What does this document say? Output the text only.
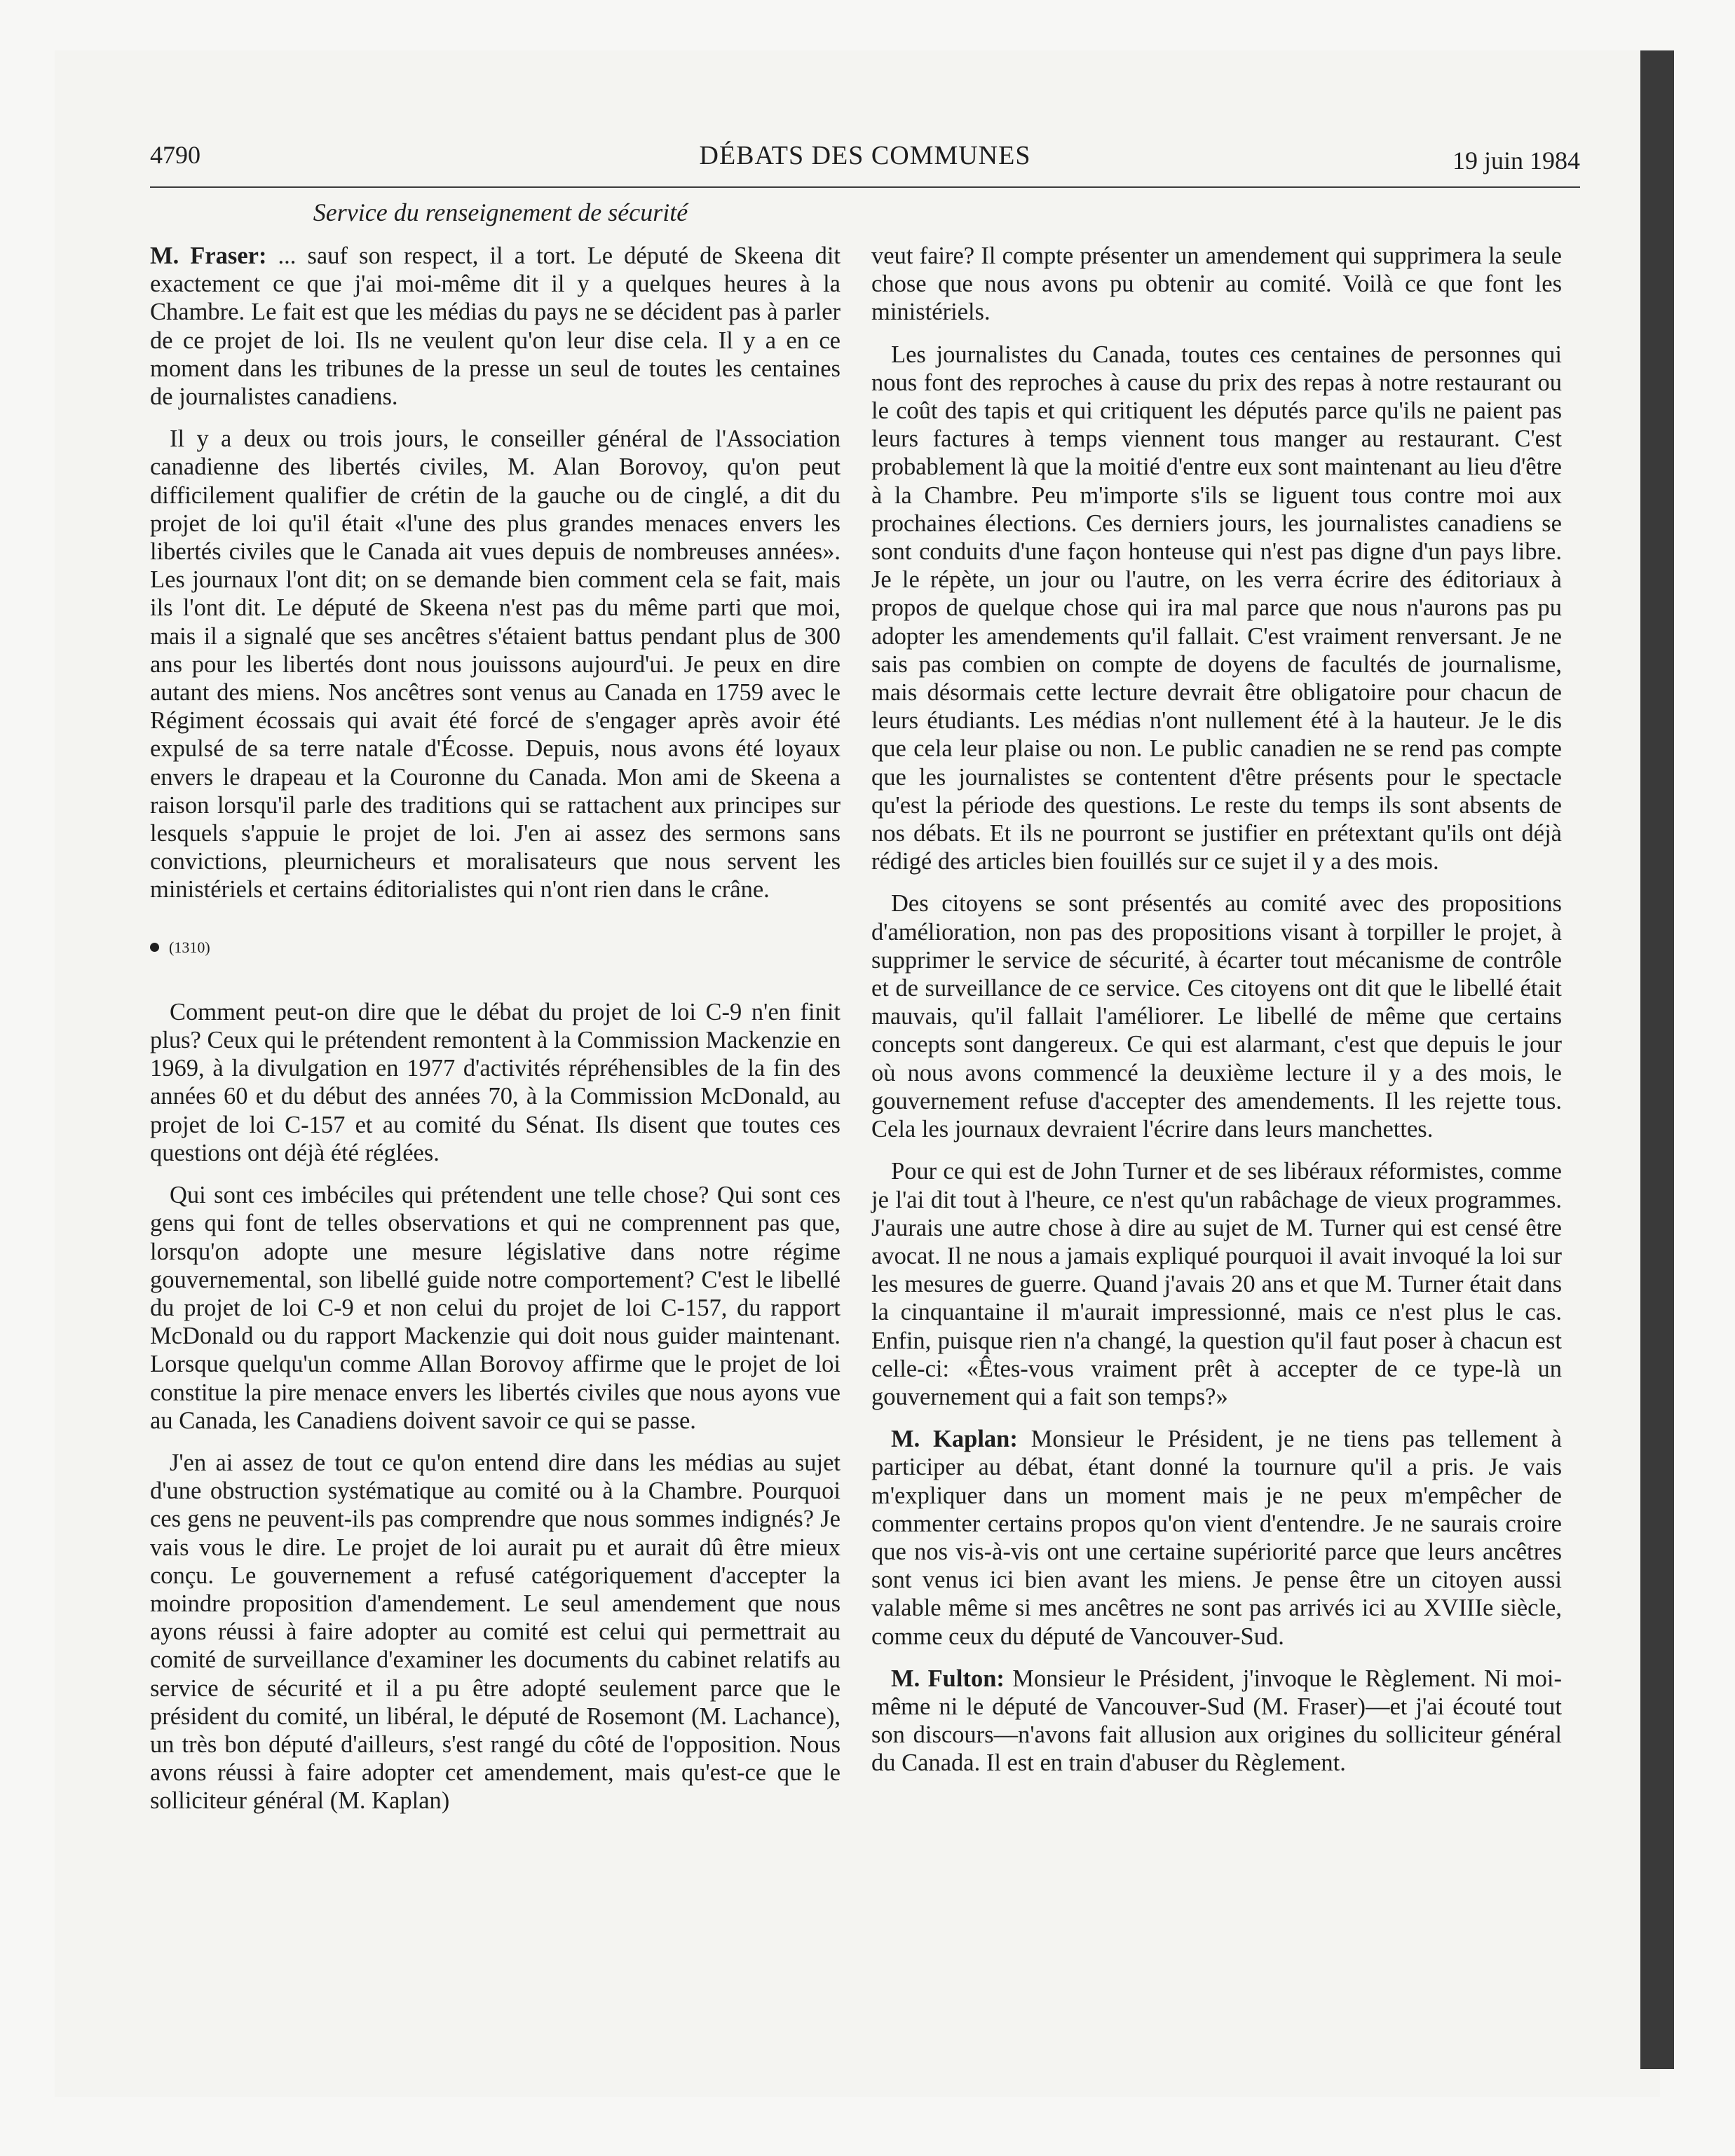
4790	DÉBATS DES COMMUNES	19 juin 1984
Service du renseignement de sécurité

M. Fraser: ... sauf son respect, il a tort. Le député de Skeena dit exactement ce que j'ai moi-même dit il y a quelques heures à la Chambre. Le fait est que les médias du pays ne se décident pas à parler de ce projet de loi. Ils ne veulent qu'on leur dise cela. Il y a en ce moment dans les tribunes de la presse un seul de toutes les centaines de journalistes canadiens.

Il y a deux ou trois jours, le conseiller général de l'Association canadienne des libertés civiles, M. Alan Borovoy, qu'on peut difficilement qualifier de crétin de la gauche ou de cinglé, a dit du projet de loi qu'il était «l'une des plus grandes menaces envers les libertés civiles que le Canada ait vues depuis de nombreuses années». Les journaux l'ont dit; on se demande bien comment cela se fait, mais ils l'ont dit. Le député de Skeena n'est pas du même parti que moi, mais il a signalé que ses ancêtres s'étaient battus pendant plus de 300 ans pour les libertés dont nous jouissons aujourd'ui. Je peux en dire autant des miens. Nos ancêtres sont venus au Canada en 1759 avec le Régiment écossais qui avait été forcé de s'engager après avoir été expulsé de sa terre natale d'Écosse. Depuis, nous avons été loyaux envers le drapeau et la Couronne du Canada. Mon ami de Skeena a raison lorsqu'il parle des traditions qui se rattachent aux principes sur lesquels s'appuie le projet de loi. J'en ai assez des sermons sans convictions, pleurnicheurs et moralisateurs que nous servent les ministériels et certains éditorialistes qui n'ont rien dans le crâne.

(1310)

Comment peut-on dire que le débat du projet de loi C-9 n'en finit plus? Ceux qui le prétendent remontent à la Commission Mackenzie en 1969, à la divulgation en 1977 d'activités répréhensibles de la fin des années 60 et du début des années 70, à la Commission McDonald, au projet de loi C-157 et au comité du Sénat. Ils disent que toutes ces questions ont déjà été réglées.

Qui sont ces imbéciles qui prétendent une telle chose? Qui sont ces gens qui font de telles observations et qui ne comprennent pas que, lorsqu'on adopte une mesure législative dans notre régime gouvernemental, son libellé guide notre comportement? C'est le libellé du projet de loi C-9 et non celui du projet de loi C-157, du rapport McDonald ou du rapport Mackenzie qui doit nous guider maintenant. Lorsque quelqu'un comme Allan Borovoy affirme que le projet de loi constitue la pire menace envers les libertés civiles que nous ayons vue au Canada, les Canadiens doivent savoir ce qui se passe.

J'en ai assez de tout ce qu'on entend dire dans les médias au sujet d'une obstruction systématique au comité ou à la Chambre. Pourquoi ces gens ne peuvent-ils pas comprendre que nous sommes indignés? Je vais vous le dire. Le projet de loi aurait pu et aurait dû être mieux conçu. Le gouvernement a refusé catégoriquement d'accepter la moindre proposition d'amendement. Le seul amendement que nous ayons réussi à faire adopter au comité est celui qui permettrait au comité de surveillance d'examiner les documents du cabinet relatifs au service de sécurité et il a pu être adopté seulement parce que le président du comité, un libéral, le député de Rosemont (M. Lachance), un très bon député d'ailleurs, s'est rangé du côté de l'opposition. Nous avons réussi à faire adopter cet amendement, mais qu'est-ce que le solliciteur général (M. Kaplan)

veut faire? Il compte présenter un amendement qui supprimera la seule chose que nous avons pu obtenir au comité. Voilà ce que font les ministériels.

Les journalistes du Canada, toutes ces centaines de personnes qui nous font des reproches à cause du prix des repas à notre restaurant ou le coût des tapis et qui critiquent les députés parce qu'ils ne paient pas leurs factures à temps viennent tous manger au restaurant. C'est probablement là que la moitié d'entre eux sont maintenant au lieu d'être à la Chambre. Peu m'importe s'ils se liguent tous contre moi aux prochaines élections. Ces derniers jours, les journalistes canadiens se sont conduits d'une façon honteuse qui n'est pas digne d'un pays libre. Je le répète, un jour ou l'autre, on les verra écrire des éditoriaux à propos de quelque chose qui ira mal parce que nous n'aurons pas pu adopter les amendements qu'il fallait. C'est vraiment renversant. Je ne sais pas combien on compte de doyens de facultés de journalisme, mais désormais cette lecture devrait être obligatoire pour chacun de leurs étudiants. Les médias n'ont nullement été à la hauteur. Je le dis que cela leur plaise ou non. Le public canadien ne se rend pas compte que les journalistes se contentent d'être présents pour le spectacle qu'est la période des questions. Le reste du temps ils sont absents de nos débats. Et ils ne pourront se justifier en prétextant qu'ils ont déjà rédigé des articles bien fouillés sur ce sujet il y a des mois.

Des citoyens se sont présentés au comité avec des propositions d'amélioration, non pas des propositions visant à torpiller le projet, à supprimer le service de sécurité, à écarter tout mécanisme de contrôle et de surveillance de ce service. Ces citoyens ont dit que le libellé était mauvais, qu'il fallait l'améliorer. Le libellé de même que certains concepts sont dangereux. Ce qui est alarmant, c'est que depuis le jour où nous avons commencé la deuxième lecture il y a des mois, le gouvernement refuse d'accepter des amendements. Il les rejette tous. Cela les journaux devraient l'écrire dans leurs manchettes.

Pour ce qui est de John Turner et de ses libéraux réformistes, comme je l'ai dit tout à l'heure, ce n'est qu'un rabâchage de vieux programmes. J'aurais une autre chose à dire au sujet de M. Turner qui est censé être avocat. Il ne nous a jamais expliqué pourquoi il avait invoqué la loi sur les mesures de guerre. Quand j'avais 20 ans et que M. Turner était dans la cinquantaine il m'aurait impressionné, mais ce n'est plus le cas. Enfin, puisque rien n'a changé, la question qu'il faut poser à chacun est celle-ci: «Êtes-vous vraiment prêt à accepter de ce type-là un gouvernement qui a fait son temps?»

M. Kaplan: Monsieur le Président, je ne tiens pas tellement à participer au débat, étant donné la tournure qu'il a pris. Je vais m'expliquer dans un moment mais je ne peux m'empêcher de commenter certains propos qu'on vient d'entendre. Je ne saurais croire que nos vis-à-vis ont une certaine supériorité parce que leurs ancêtres sont venus ici bien avant les miens. Je pense être un citoyen aussi valable même si mes ancêtres ne sont pas arrivés ici au XVIIIe siècle, comme ceux du député de Vancouver-Sud.

M. Fulton: Monsieur le Président, j'invoque le Règlement. Ni moi-même ni le député de Vancouver-Sud (M. Fraser)—et j'ai écouté tout son discours—n'avons fait allusion aux origines du solliciteur général du Canada. Il est en train d'abuser du Règlement.
